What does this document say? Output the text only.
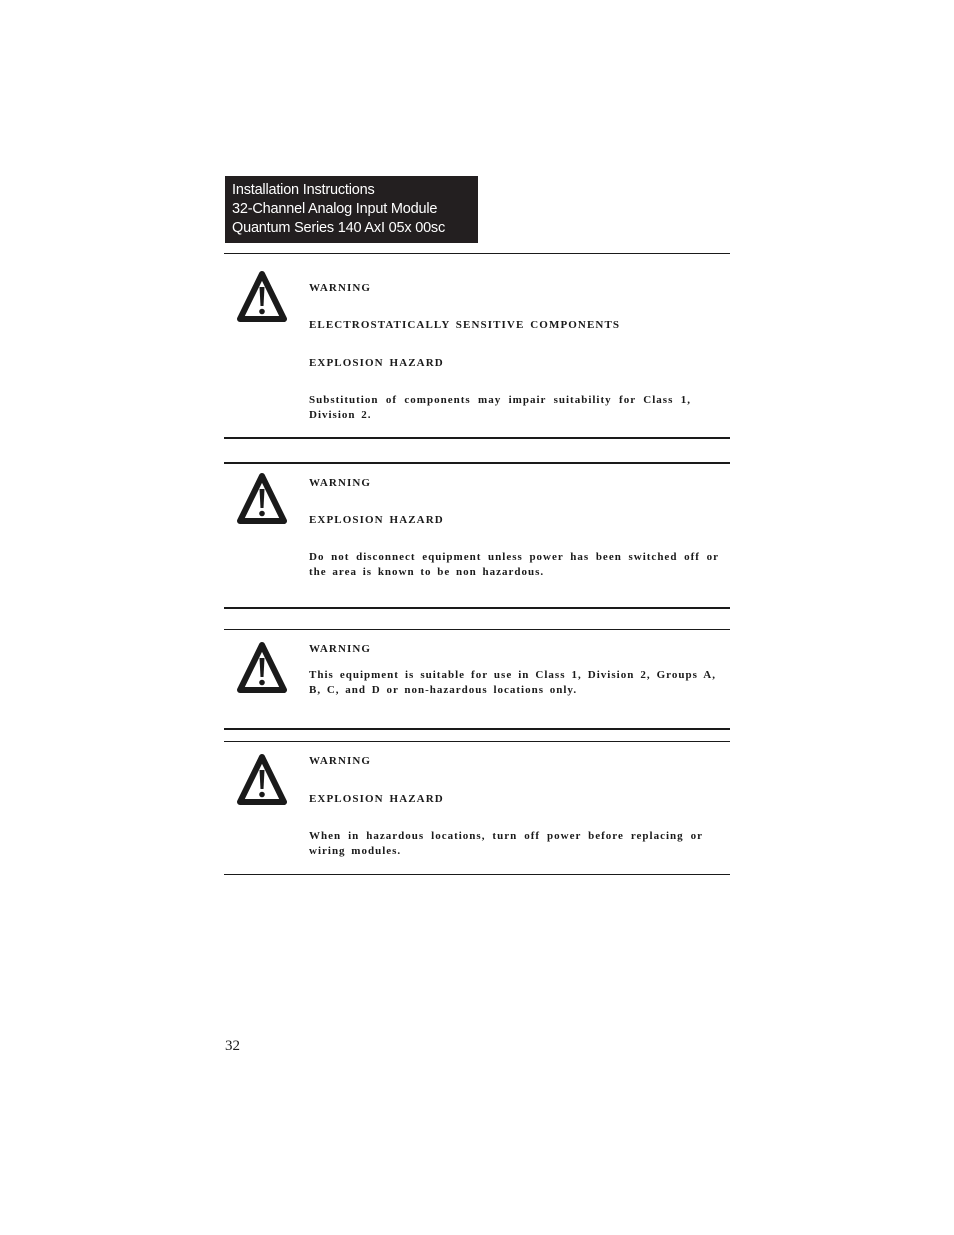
Installation Instructions
32-Channel Analog Input Module
Quantum Series 140 AxI 05x 00sc
WARNING
ELECTROSTATICALLY SENSITIVE COMPONENTS
EXPLOSION HAZARD
Substitution of components may impair suitability for Class 1, Division 2.
WARNING
EXPLOSION HAZARD
Do not disconnect equipment unless power has been switched off or the area is known to be non hazardous.
WARNING
This equipment is suitable for use in Class 1, Division 2, Groups A, B, C, and D or non-hazardous locations only.
WARNING
EXPLOSION HAZARD
When in hazardous locations, turn off power before replacing or wiring modules.
32
